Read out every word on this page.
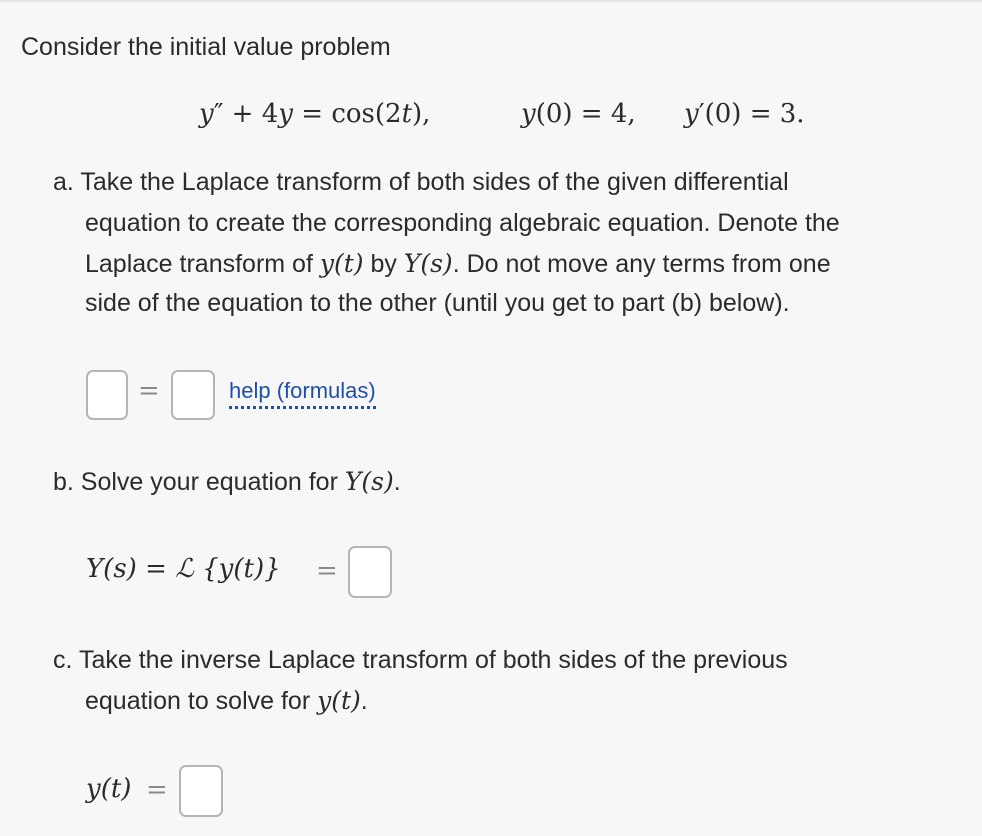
Consider the initial value problem
y″ + 4y = cos(2t),	y(0) = 4, y′(0) = 3.
a. Take the Laplace transform of both sides of the given differential
equation to create the corresponding algebraic equation. Denote the
Laplace transform of y(t) by Y(s). Do not move any terms from one
side of the equation to the other (until you get to part (b) below).
=	help (formulas)
b. Solve your equation for Y(s).
Y(s) = ℒ {y(t)} =
c. Take the inverse Laplace transform of both sides of the previous
equation to solve for y(t).
y(t) =
